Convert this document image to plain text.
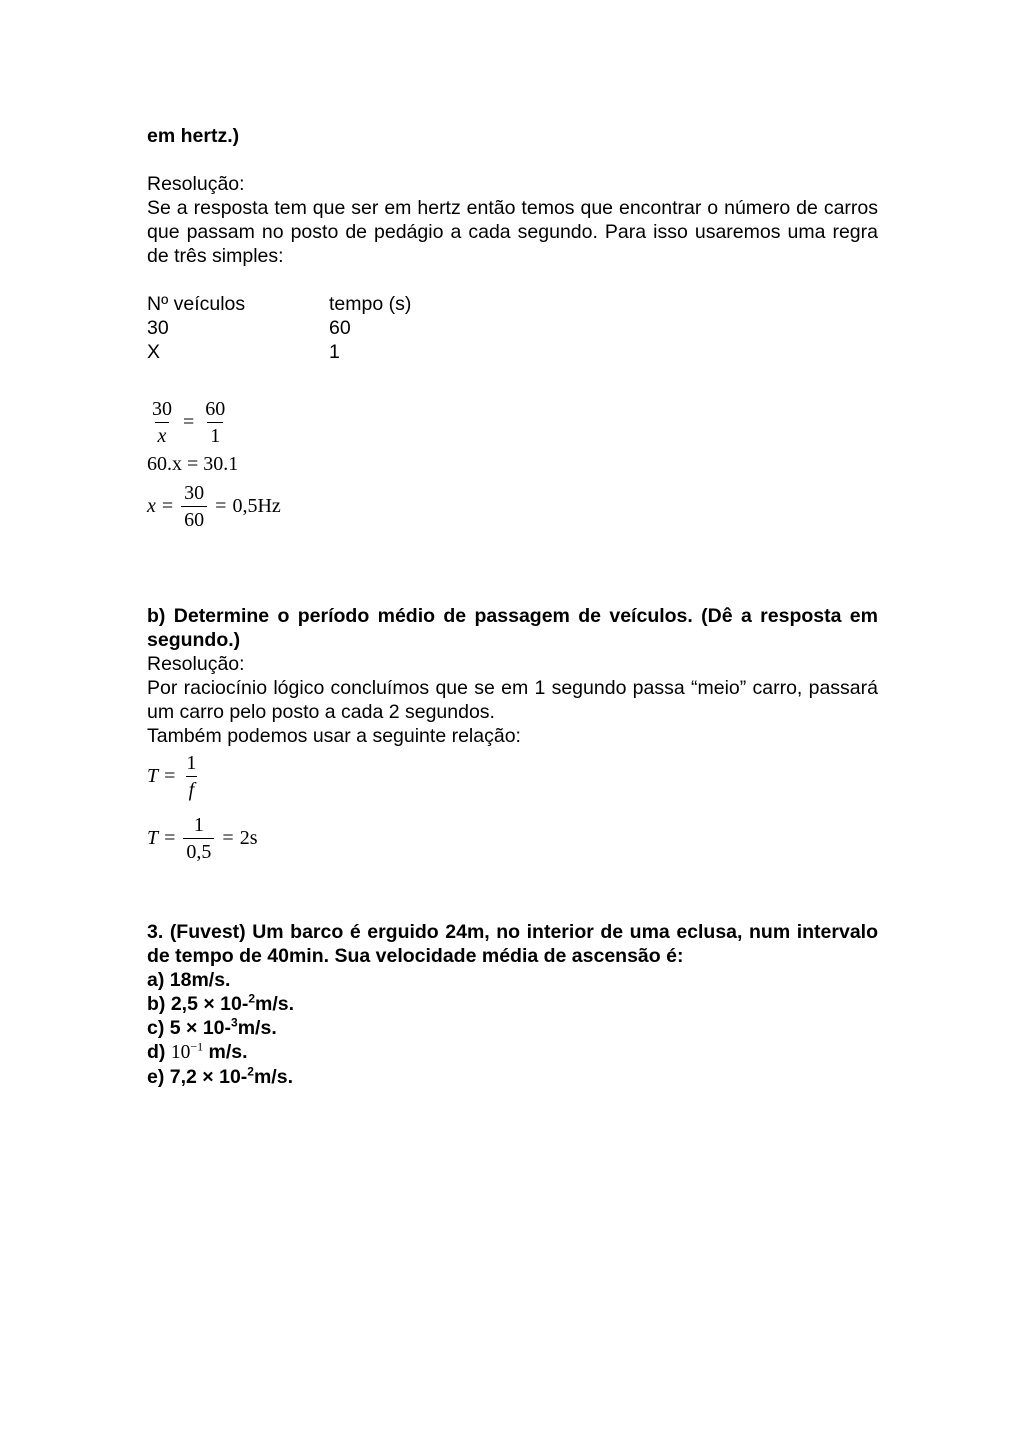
em hertz.)

Resolução:

Se a resposta tem que ser em hertz então temos que encontrar o número de carros que passam no posto de pedágio a cada segundo. Para isso usaremos uma regra de três simples:

Nº veículos	tempo (s)
30	60
X	1
$\frac{30}{x} = \frac{60}{1}$
60.x = 30.1
$x = \frac{30}{60} = 0,5Hz$

b) Determine o período médio de passagem de veículos. (Dê a resposta em segundo.)

Resolução:

Por raciocínio lógico concluímos que se em 1 segundo passa “meio” carro, passará um carro pelo posto a cada 2 segundos.

Também podemos usar a seguinte relação:

$T = \frac{1}{f}$
$T = \frac{1}{0,5} = 2s$

3. (Fuvest) Um barco é erguido 24m, no interior de uma eclusa, num intervalo de tempo de 40min. Sua velocidade média de ascensão é:

a) 18m/s.

b) 2,5 × 10-$^2$m/s.

c) 5 × 10-$^3$m/s.

d) $10^{-1}$ m/s.

e) 7,2 × 10-$^2$m/s.
